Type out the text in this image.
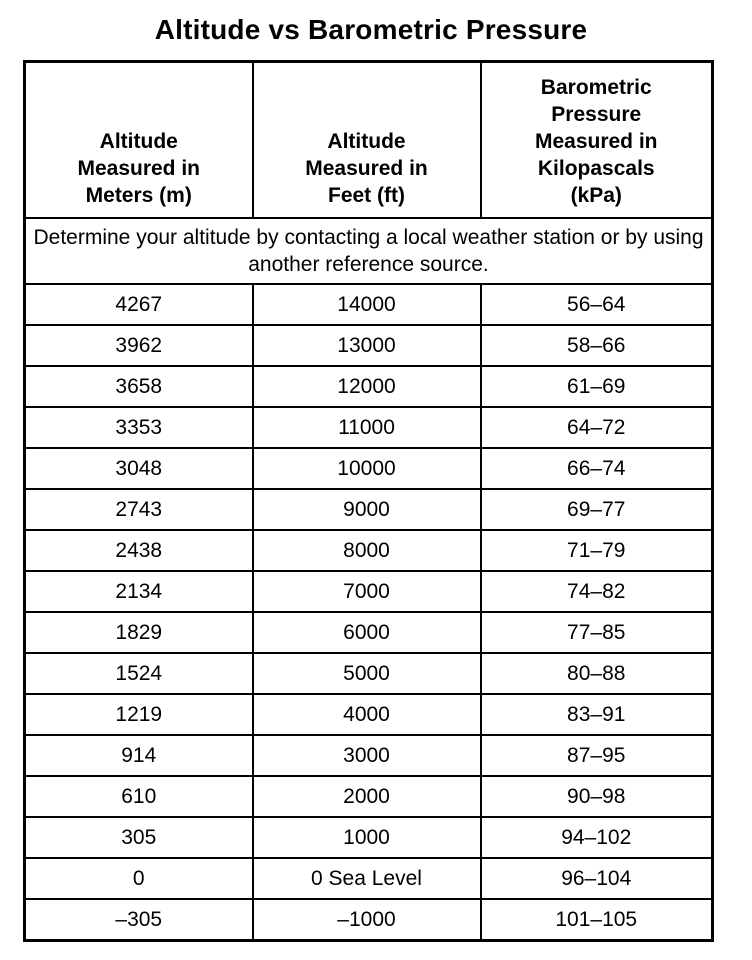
Altitude vs Barometric Pressure
Altitude
Measured in
Meters (m)	Altitude
Measured in
Feet (ft)	Barometric
Pressure
Measured in
Kilopascals
(kPa)

Determine your altitude by contacting a local weather station or by using another reference source.		
4267	14000	56–64
3962	13000	58–66
3658	12000	61–69
3353	11000	64–72
3048	10000	66–74
2743	9000	69–77
2438	8000	71–79
2134	7000	74–82
1829	6000	77–85
1524	5000	80–88
1219	4000	83–91
914	3000	87–95
610	2000	90–98
305	1000	94–102
0	0 Sea Level	96–104
–305	–1000	101–105
